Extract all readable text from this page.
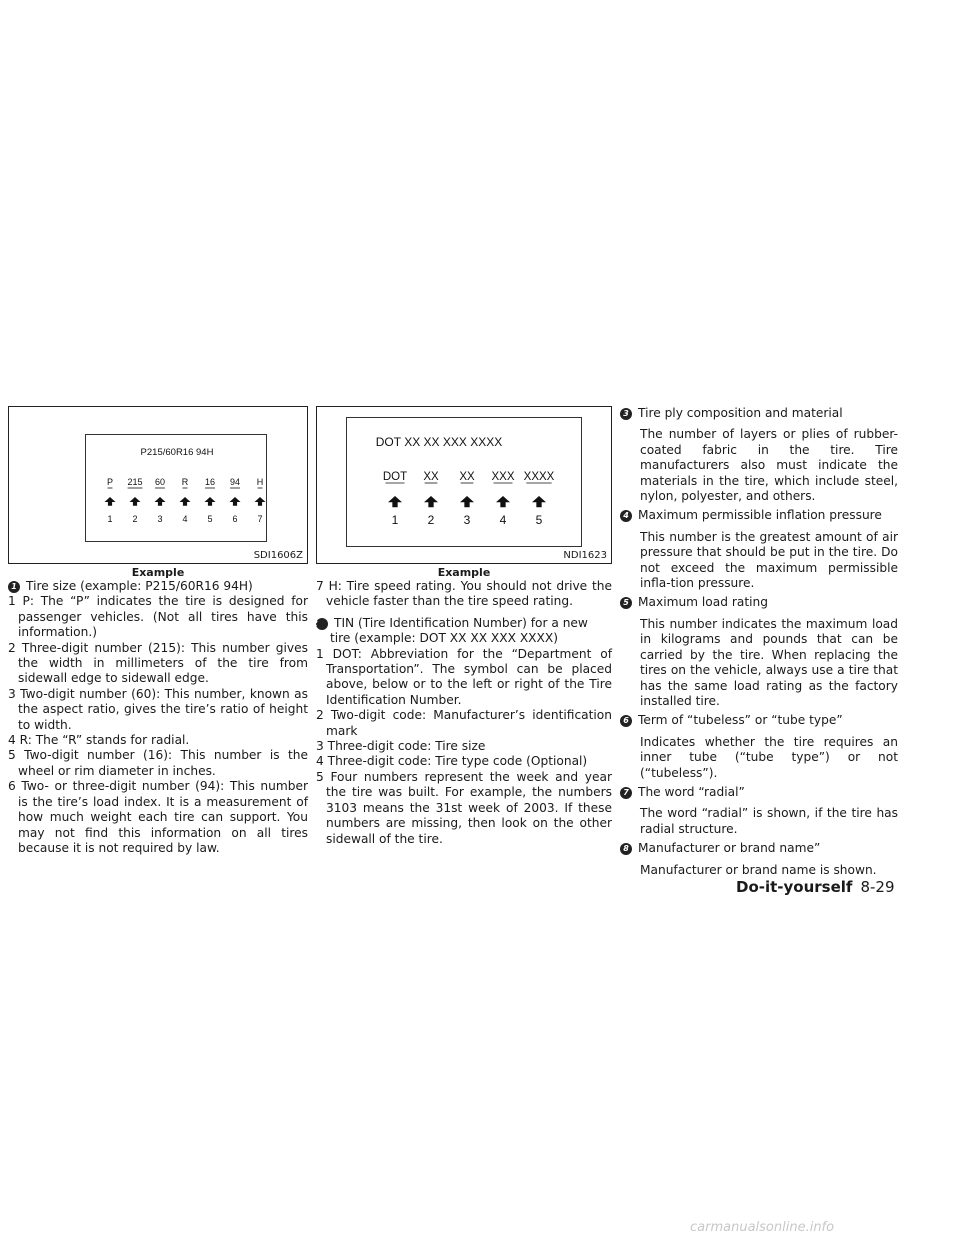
P215/60R16 94H
P
1
215
2
60
3
R
4
16
5
94
6
H
7
SDI1606Z
Example

1 Tire size (example: P215/60R16 94H)

1 P: The “P” indicates the tire is designed for passenger vehicles. (Not all tires have this information.)

2 Three-digit number (215): This number gives the width in millimeters of the tire from sidewall edge to sidewall edge.

3 Two-digit number (60): This number, known as the aspect ratio, gives the tire’s ratio of height to width.

4 R: The “R” stands for radial.

5 Two-digit number (16): This number is the wheel or rim diameter in inches.

6 Two- or three-digit number (94): This number is the tire’s load index. It is a measurement of how much weight each tire can support. You may not find this information on all tires because it is not required by law.

DOT XX XX XXX XXXX
DOT
1
XX
2
XX
3
XXX
4
XXXX
5
NDI1623
Example

7 H: Tire speed rating. You should not drive the vehicle faster than the tire speed rating.

2 TIN (Tire Identification Number) for a new tire (example: DOT XX XX XXX XXXX)

1 DOT: Abbreviation for the “Department of Transportation”. The symbol can be placed above, below or to the left or right of the Tire Identification Number.

2 Two-digit code: Manufacturer’s identification mark

3 Three-digit code: Tire size

4 Three-digit code: Tire type code (Optional)

5 Four numbers represent the week and year the tire was built. For example, the numbers 3103 means the 31st week of 2003. If these numbers are missing, then look on the other sidewall of the tire.

3 Tire ply composition and material

The number of layers or plies of rubber-coated fabric in the tire. Tire manufacturers also must indicate the materials in the tire, which include steel, nylon, polyester, and others.

4 Maximum permissible inflation pressure

This number is the greatest amount of air pressure that should be put in the tire. Do not exceed the maximum permissible infla-tion pressure.

5 Maximum load rating

This number indicates the maximum load in kilograms and pounds that can be carried by the tire. When replacing the tires on the vehicle, always use a tire that has the same load rating as the factory installed tire.

6 Term of “tubeless” or “tube type”

Indicates whether the tire requires an inner tube (“tube type”) or not (“tubeless”).

7 The word “radial”

The word “radial” is shown, if the tire has radial structure.

8 Manufacturer or brand name”

Manufacturer or brand name is shown.

Do-it-yourself 8-29
carmanualsonline.info
